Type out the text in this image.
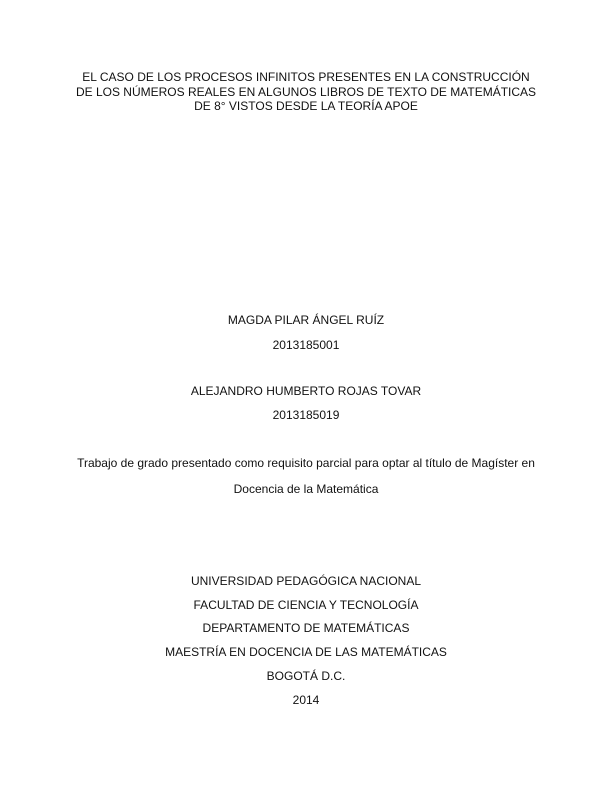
EL CASO DE LOS PROCESOS INFINITOS PRESENTES EN LA CONSTRUCCIÓN
DE LOS NÚMEROS REALES EN ALGUNOS LIBROS DE TEXTO DE MATEMÁTICAS
DE 8° VISTOS DESDE LA TEORÍA APOE
MAGDA PILAR ÁNGEL RUÍZ
2013185001
ALEJANDRO HUMBERTO ROJAS TOVAR
2013185019
Trabajo de grado presentado como requisito parcial para optar al título de Magíster en
Docencia de la Matemática
UNIVERSIDAD PEDAGÓGICA NACIONAL
FACULTAD DE CIENCIA Y TECNOLOGÍA
DEPARTAMENTO DE MATEMÁTICAS
MAESTRÍA EN DOCENCIA DE LAS MATEMÁTICAS
BOGOTÁ D.C.
2014
